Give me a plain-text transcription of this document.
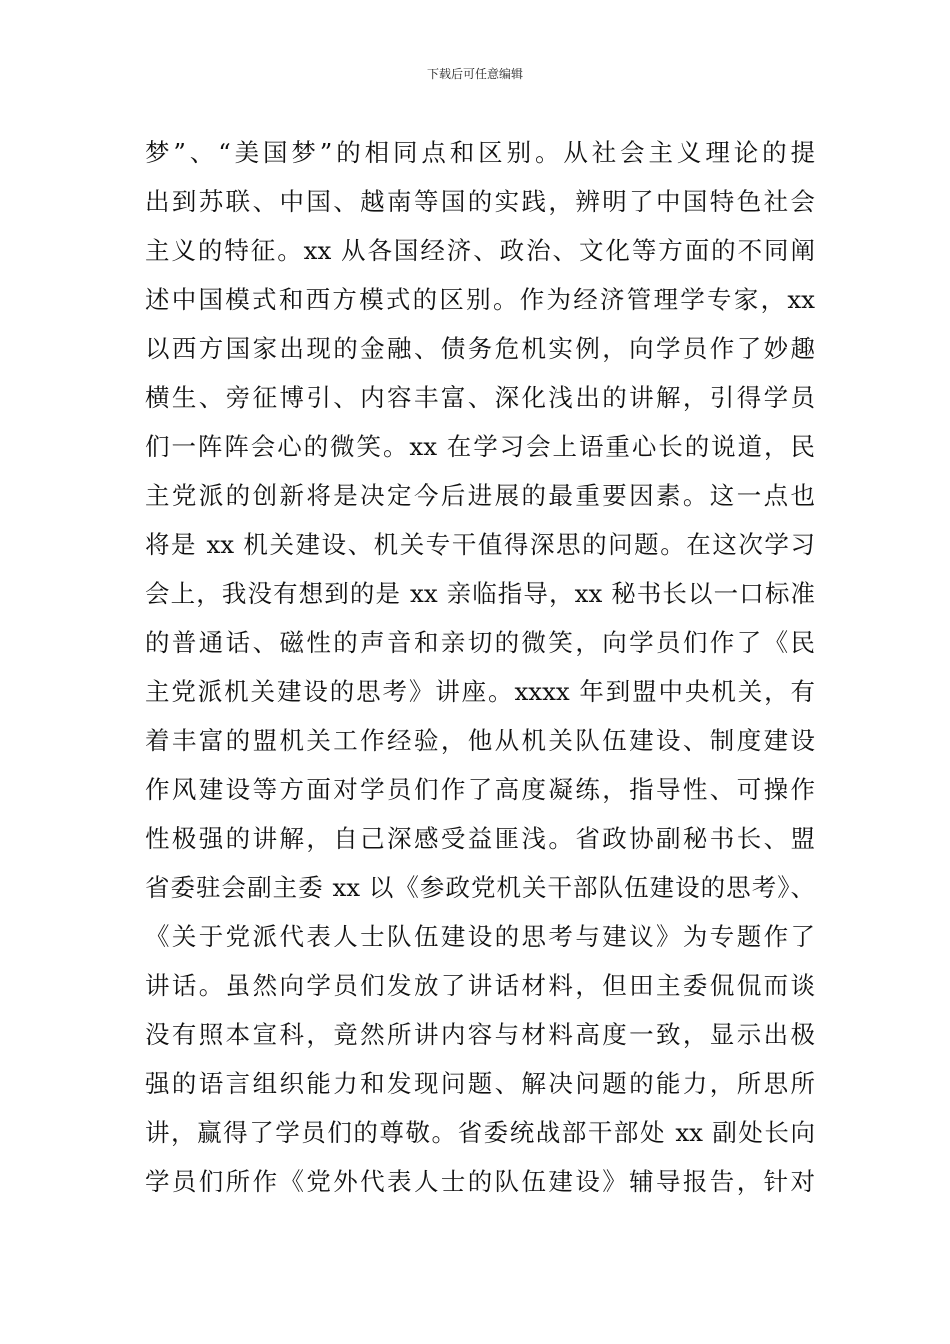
下载后可任意编辑
梦”、“美国梦”的相同点和区别。从社会主义理论的提
出到苏联、中国、越南等国的实践，辨明了中国特色社会
主义的特征。xx 从各国经济、政治、文化等方面的不同阐
述中国模式和西方模式的区别。作为经济管理学专家，xx
以西方国家出现的金融、债务危机实例，向学员作了妙趣
横生、旁征博引、内容丰富、深化浅出的讲解，引得学员
们一阵阵会心的微笑。xx 在学习会上语重心长的说道，民
主党派的创新将是决定今后进展的最重要因素。这一点也
将是 xx 机关建设、机关专干值得深思的问题。在这次学习
会上，我没有想到的是 xx 亲临指导，xx 秘书长以一口标准
的普通话、磁性的声音和亲切的微笑，向学员们作了《民
主党派机关建设的思考》讲座。xxxx 年到盟中央机关，有
着丰富的盟机关工作经验，他从机关队伍建设、制度建设
作风建设等方面对学员们作了高度凝练，指导性、可操作
性极强的讲解，自己深感受益匪浅。省政协副秘书长、盟
省委驻会副主委 xx 以《参政党机关干部队伍建设的思考》、
《关于党派代表人士队伍建设的思考与建议》为专题作了
讲话。虽然向学员们发放了讲话材料，但田主委侃侃而谈
没有照本宣科，竟然所讲内容与材料高度一致，显示出极
强的语言组织能力和发现问题、解决问题的能力，所思所
讲，赢得了学员们的尊敬。省委统战部干部处 xx 副处长向
学员们所作《党外代表人士的队伍建设》辅导报告，针对
